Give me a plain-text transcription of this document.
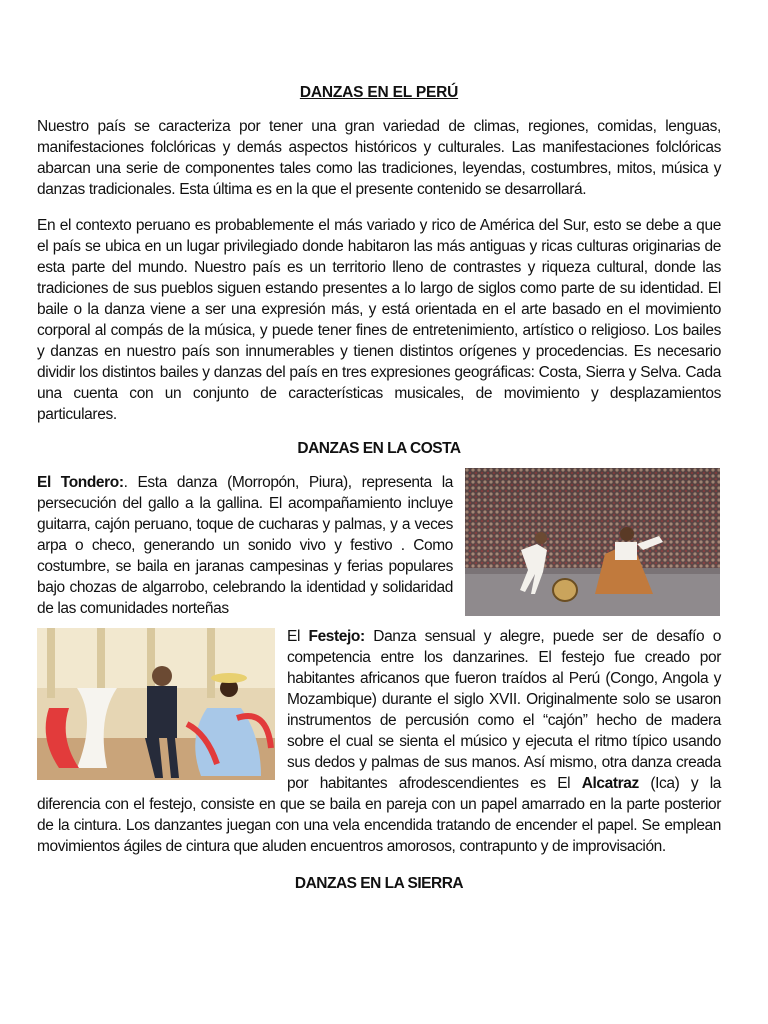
DANZAS EN EL PERÚ

Nuestro país se caracteriza por tener una gran variedad de climas, regiones, comidas, lenguas, manifestaciones folclóricas y demás aspectos históricos y culturales. Las manifestaciones folclóricas abarcan una serie de componentes tales como las tradiciones, leyendas, costumbres, mitos, música y danzas tradicionales. Esta última es en la que el presente contenido se desarrollará.

En el contexto peruano es probablemente el más variado y rico de América del Sur, esto se debe a que el país se ubica en un lugar privilegiado donde habitaron las más antiguas y ricas culturas originarias de esta parte del mundo. Nuestro país es un territorio lleno de contrastes y riqueza cultural, donde las tradiciones de sus pueblos siguen estando presentes a lo largo de siglos como parte de su identidad. El baile o la danza viene a ser una expresión más, y está orientada en el arte basado en el movimiento corporal al compás de la música, y puede tener fines de entretenimiento, artístico o religioso. Los bailes y danzas en nuestro país son innumerables y tienen distintos orígenes y procedencias. Es necesario dividir los distintos bailes y danzas del país en tres expresiones geográficas: Costa, Sierra y Selva. Cada una cuenta con un conjunto de características musicales, de movimiento y desplazamientos particulares.

DANZAS EN LA COSTA
El Tondero:. Esta danza (Morropón, Piura), representa la persecución del gallo a la gallina. El acompañamiento incluye guitarra, cajón peruano, toque de cucharas y palmas, y a veces arpa o checo, generando un sonido vivo y festivo . Como costumbre, se baila en jaranas campesinas y ferias populares bajo chozas de algarrobo, celebrando la identidad y solidaridad de las comunidades norteñas
El Festejo: Danza sensual y alegre, puede ser de desafío o competencia entre los danzarines. El festejo fue creado por habitantes africanos que fueron traídos al Perú (Congo, Angola y Mozambique) durante el siglo XVII. Originalmente solo se usaron instrumentos de percusión como el “cajón” hecho de madera sobre el cual se sienta el músico y ejecuta el ritmo típico usando sus dedos y palmas de sus manos. Así mismo, otra danza creada por habitantes afrodescendientes es El Alcatraz (Ica) y la diferencia con el festejo, consiste en que se baila en pareja con un papel amarrado en la parte posterior de la cintura. Los danzantes juegan con una vela encendida tratando de encender el papel. Se emplean movimientos ágiles de cintura que aluden encuentros amorosos, contrapunto y de improvisación.
DANZAS EN LA SIERRA
